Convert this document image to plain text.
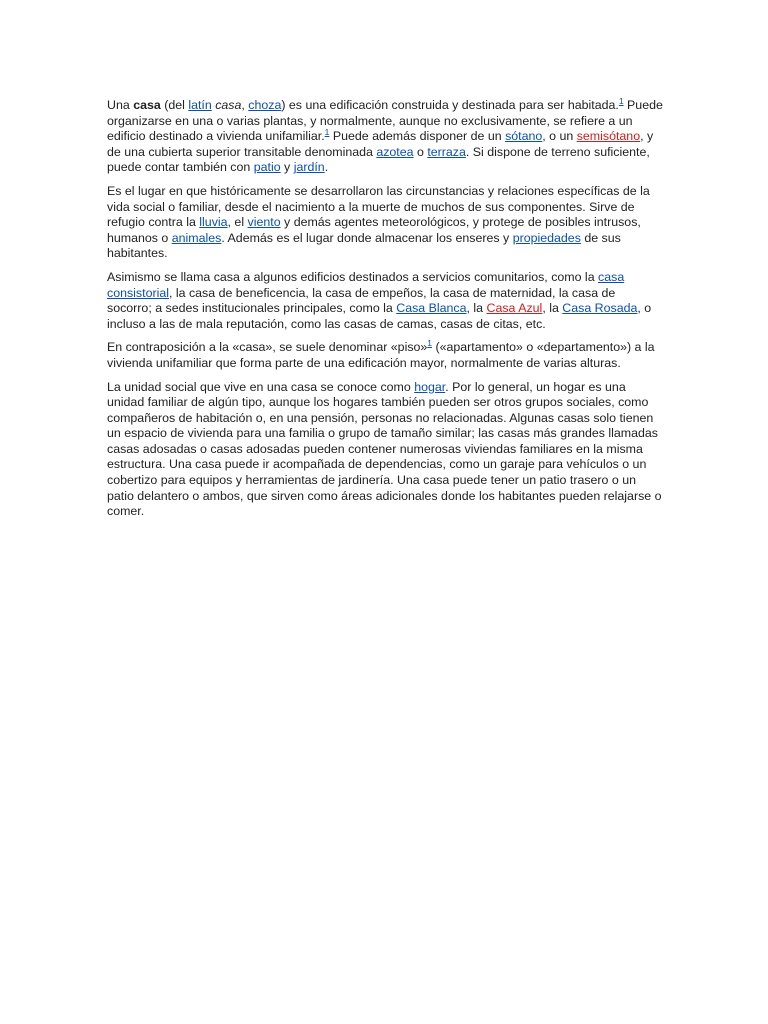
Una casa (del latín casa, choza) es una edificación construida y destinada para ser habitada.$^1$ Puede organizarse en una o varias plantas, y normalmente, aunque no exclusivamente, se refiere a un edificio destinado a vivienda unifamiliar.$^1$ Puede además disponer de un sótano, o un semisótano, y de una cubierta superior transitable denominada azotea o terraza. Si dispone de terreno suficiente, puede contar también con patio y jardín.

Es el lugar en que históricamente se desarrollaron las circunstancias y relaciones específicas de la vida social o familiar, desde el nacimiento a la muerte de muchos de sus componentes. Sirve de refugio contra la lluvia, el viento y demás agentes meteorológicos, y protege de posibles intrusos, humanos o animales. Además es el lugar donde almacenar los enseres y propiedades de sus habitantes.

Asimismo se llama casa a algunos edificios destinados a servicios comunitarios, como la casa consistorial, la casa de beneficencia, la casa de empeños, la casa de maternidad, la casa de socorro; a sedes institucionales principales, como la Casa Blanca, la Casa Azul, la Casa Rosada, o incluso a las de mala reputación, como las casas de camas, casas de citas, etc.

En contraposición a la «casa», se suele denominar «piso»$^1$ («apartamento» o «departamento») a la vivienda unifamiliar que forma parte de una edificación mayor, normalmente de varias alturas.

La unidad social que vive en una casa se conoce como hogar. Por lo general, un hogar es una unidad familiar de algún tipo, aunque los hogares también pueden ser otros grupos sociales, como compañeros de habitación o, en una pensión, personas no relacionadas. Algunas casas solo tienen un espacio de vivienda para una familia o grupo de tamaño similar; las casas más grandes llamadas casas adosadas o casas adosadas pueden contener numerosas viviendas familiares en la misma estructura. Una casa puede ir acompañada de dependencias, como un garaje para vehículos o un cobertizo para equipos y herramientas de jardinería. Una casa puede tener un patio trasero o un patio delantero o ambos, que sirven como áreas adicionales donde los habitantes pueden relajarse o comer.
